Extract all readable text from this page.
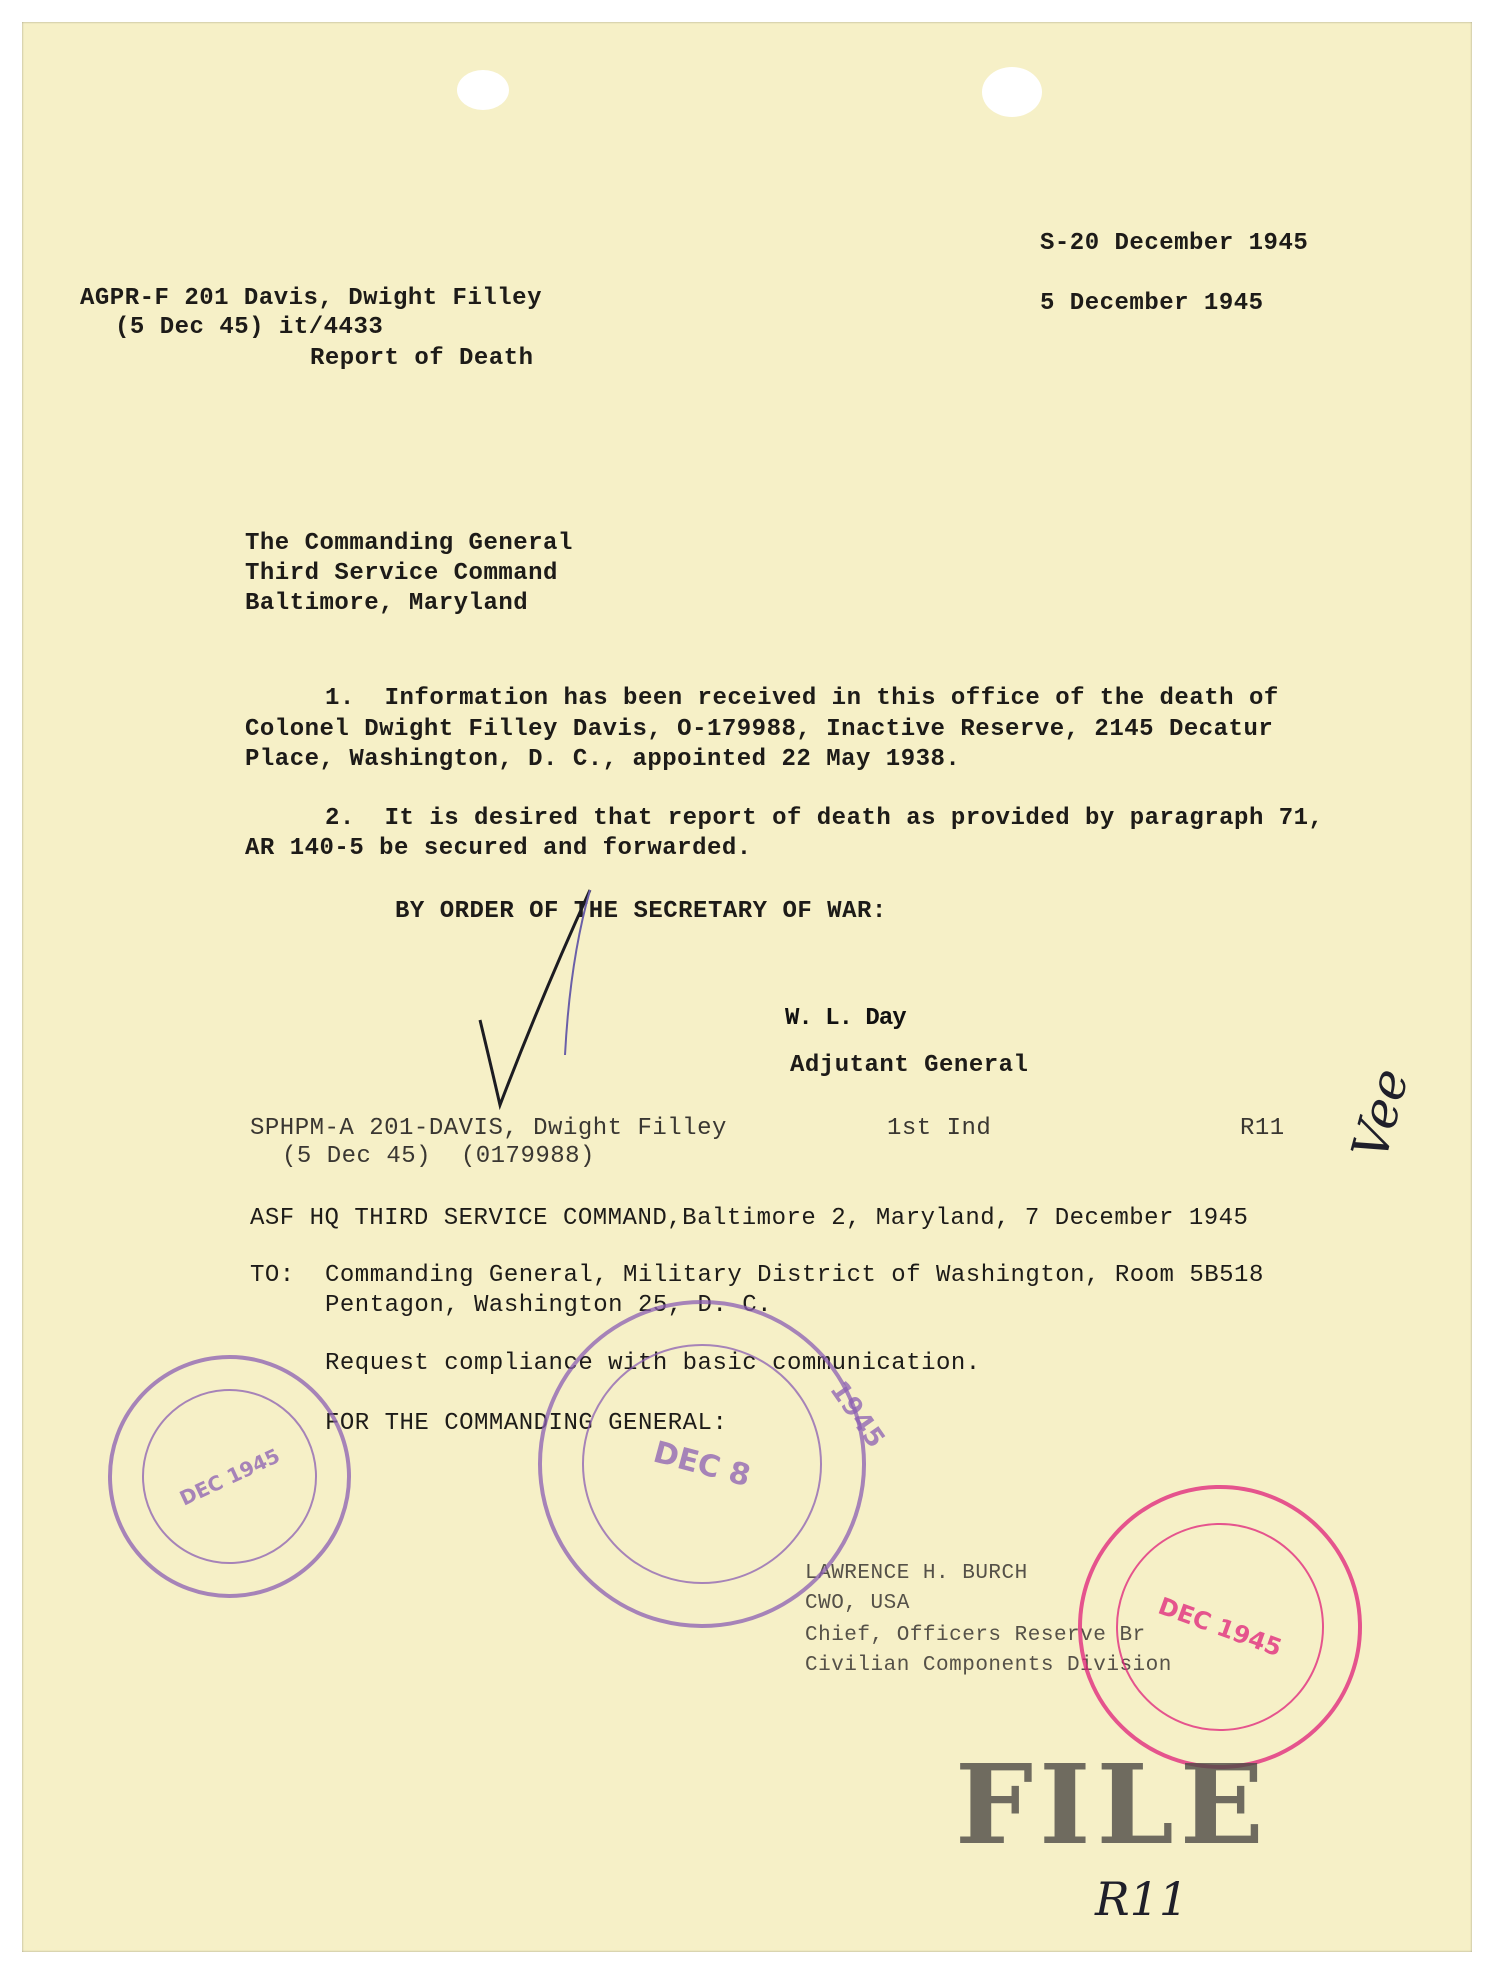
S-20 December 1945
5 December 1945
AGPR-F 201 Davis, Dwight Filley
(5 Dec 45) it/4433
Report of Death
The Commanding General
Third Service Command
Baltimore, Maryland
1.  Information has been received in this office of the death of
Colonel Dwight Filley Davis, O-179988, Inactive Reserve, 2145 Decatur
Place, Washington, D. C., appointed 22 May 1938.
2.  It is desired that report of death as provided by paragraph 71,
AR 140-5 be secured and forwarded.
BY ORDER OF THE SECRETARY OF WAR:
W. L. Day
Adjutant General
SPHPM-A 201-DAVIS, Dwight Filley
(5 Dec 45)  (0179988)
1st Ind	R11
ASF HQ THIRD SERVICE COMMAND,Baltimore 2, Maryland, 7 December 1945
TO: Commanding General, Military District of Washington, Room 5B518
Pentagon, Washington 25, D. C.
Request compliance with basic communication.
FOR THE COMMANDING GENERAL:
LAWRENCE H. BURCH
CWO, USA
Chief, Officers Reserve Br
Civilian Components Division
DEC 1945	DEC 8
1945
DEC 1945
FILE
Vee
R11
